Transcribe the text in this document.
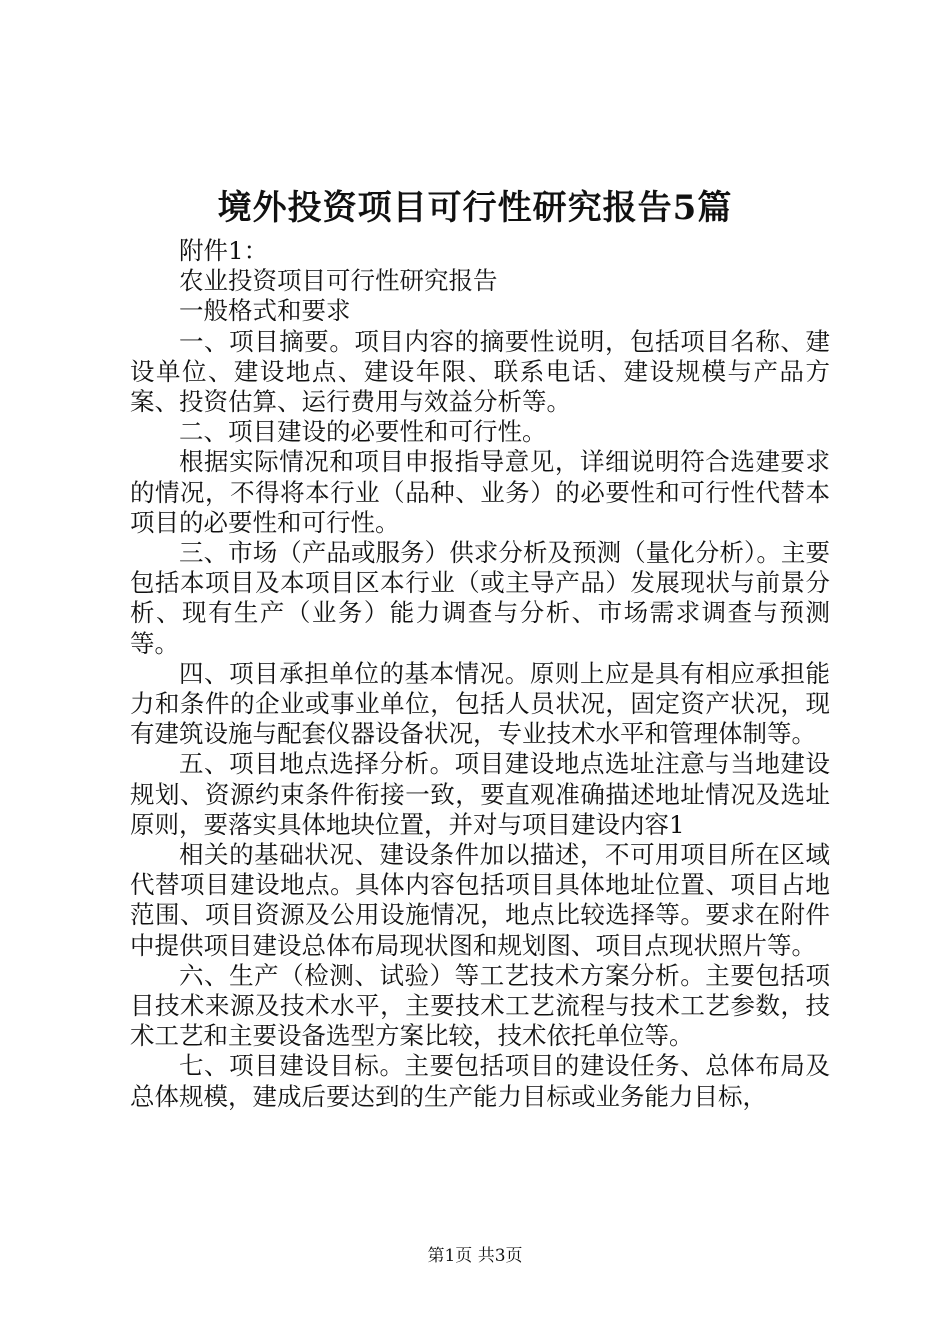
境外投资项目可行性研究报告5篇

附件1：

农业投资项目可行性研究报告

一般格式和要求

一、项目摘要。项目内容的摘要性说明，包括项目名称、建设单位、建设地点、建设年限、联系电话、建设规模与产品方案、投资估算、运行费用与效益分析等。

二、项目建设的必要性和可行性。

根据实际情况和项目申报指导意见，详细说明符合选建要求的情况，不得将本行业（品种、业务）的必要性和可行性代替本项目的必要性和可行性。

三、市场（产品或服务）供求分析及预测（量化分析）。主要包括本项目及本项目区本行业（或主导产品）发展现状与前景分析、现有生产（业务）能力调查与分析、市场需求调查与预测等。

四、项目承担单位的基本情况。原则上应是具有相应承担能力和条件的企业或事业单位，包括人员状况，固定资产状况，现有建筑设施与配套仪器设备状况，专业技术水平和管理体制等。

五、项目地点选择分析。项目建设地点选址注意与当地建设规划、资源约束条件衔接一致，要直观准确描述地址情况及选址原则，要落实具体地块位置，并对与项目建设内容1

相关的基础状况、建设条件加以描述，不可用项目所在区域代替项目建设地点。具体内容包括项目具体地址位置、项目占地范围、项目资源及公用设施情况，地点比较选择等。要求在附件中提供项目建设总体布局现状图和规划图、项目点现状照片等。

六、生产（检测、试验）等工艺技术方案分析。主要包括项目技术来源及技术水平，主要技术工艺流程与技术工艺参数，技术工艺和主要设备选型方案比较，技术依托单位等。

七、项目建设目标。主要包括项目的建设任务、总体布局及总体规模，建成后要达到的生产能力目标或业务能力目标，

第1页 共3页
